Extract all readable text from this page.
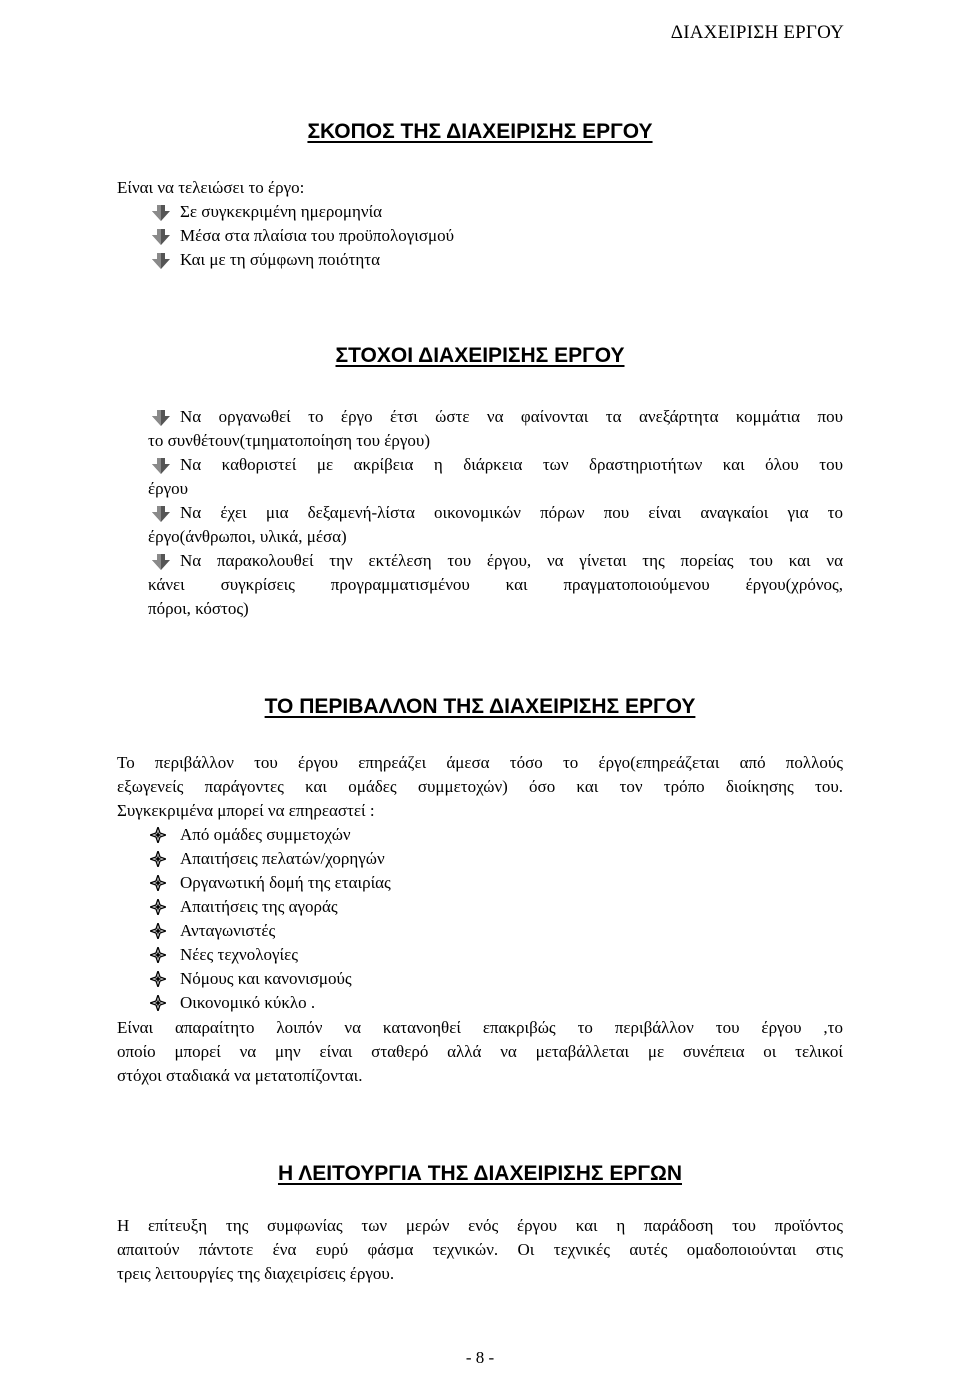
ΔΙΑΧΕΙΡΙΣΗ ΕΡΓΟΥ
ΣΚΟΠΟΣ ΤΗΣ ΔΙΑΧΕΙΡΙΣΗΣ ΕΡΓΟΥ
Είναι να τελειώσει το έργο:
Σε συγκεκριμένη ημερομηνία
Μέσα στα πλαίσια του προϋπολογισμού
Και με τη σύμφωνη ποιότητα
ΣΤΟΧΟΙ ΔΙΑΧΕΙΡΙΣΗΣ ΕΡΓΟΥ
Να οργανωθεί το έργο έτσι ώστε να φαίνονται τα ανεξάρτητα κομμάτια που
το συνθέτουν(τμηματοποίηση του έργου)
Να καθοριστεί με ακρίβεια η διάρκεια των δραστηριοτήτων και όλου του
έργου
Να έχει μια δεξαμενή-λίστα οικονομικών πόρων που είναι αναγκαίοι για το
έργο(άνθρωποι, υλικά, μέσα)
Να παρακολουθεί την εκτέλεση του έργου, να γίνεται της πορείας του και να
κάνει συγκρίσεις προγραμματισμένου και πραγματοποιούμενου έργου(χρόνος,
πόροι, κόστος)
ΤΟ ΠΕΡΙΒΑΛΛΟΝ ΤΗΣ ΔΙΑΧΕΙΡΙΣΗΣ ΕΡΓΟΥ
Το περιβάλλον του έργου επηρεάζει άμεσα τόσο το έργο(επηρεάζεται από πολλούς
εξωγενείς παράγοντες και ομάδες συμμετοχών) όσο και τον τρόπο διοίκησης του.
Συγκεκριμένα μπορεί να επηρεαστεί :
Από ομάδες συμμετοχών
Απαιτήσεις πελατών/χορηγών
Οργανωτική δομή της εταιρίας
Απαιτήσεις της αγοράς
Ανταγωνιστές
Νέες τεχνολογίες
Νόμους και κανονισμούς
Οικονομικό κύκλο .
Είναι απαραίτητο λοιπόν να κατανοηθεί επακριβώς το περιβάλλον του έργου ,το
οποίο μπορεί να μην είναι σταθερό αλλά να μεταβάλλεται με συνέπεια οι τελικοί
στόχοι σταδιακά να μετατοπίζονται.
Η ΛΕΙΤΟΥΡΓΙΑ ΤΗΣ ΔΙΑΧΕΙΡΙΣΗΣ ΕΡΓΩΝ
Η επίτευξη της συμφωνίας των μερών ενός έργου και η παράδοση του προϊόντος
απαιτούν πάντοτε ένα ευρύ φάσμα τεχνικών. Οι τεχνικές αυτές ομαδοποιούνται στις
τρεις λειτουργίες της διαχειρίσεις έργου.
- 8 -
